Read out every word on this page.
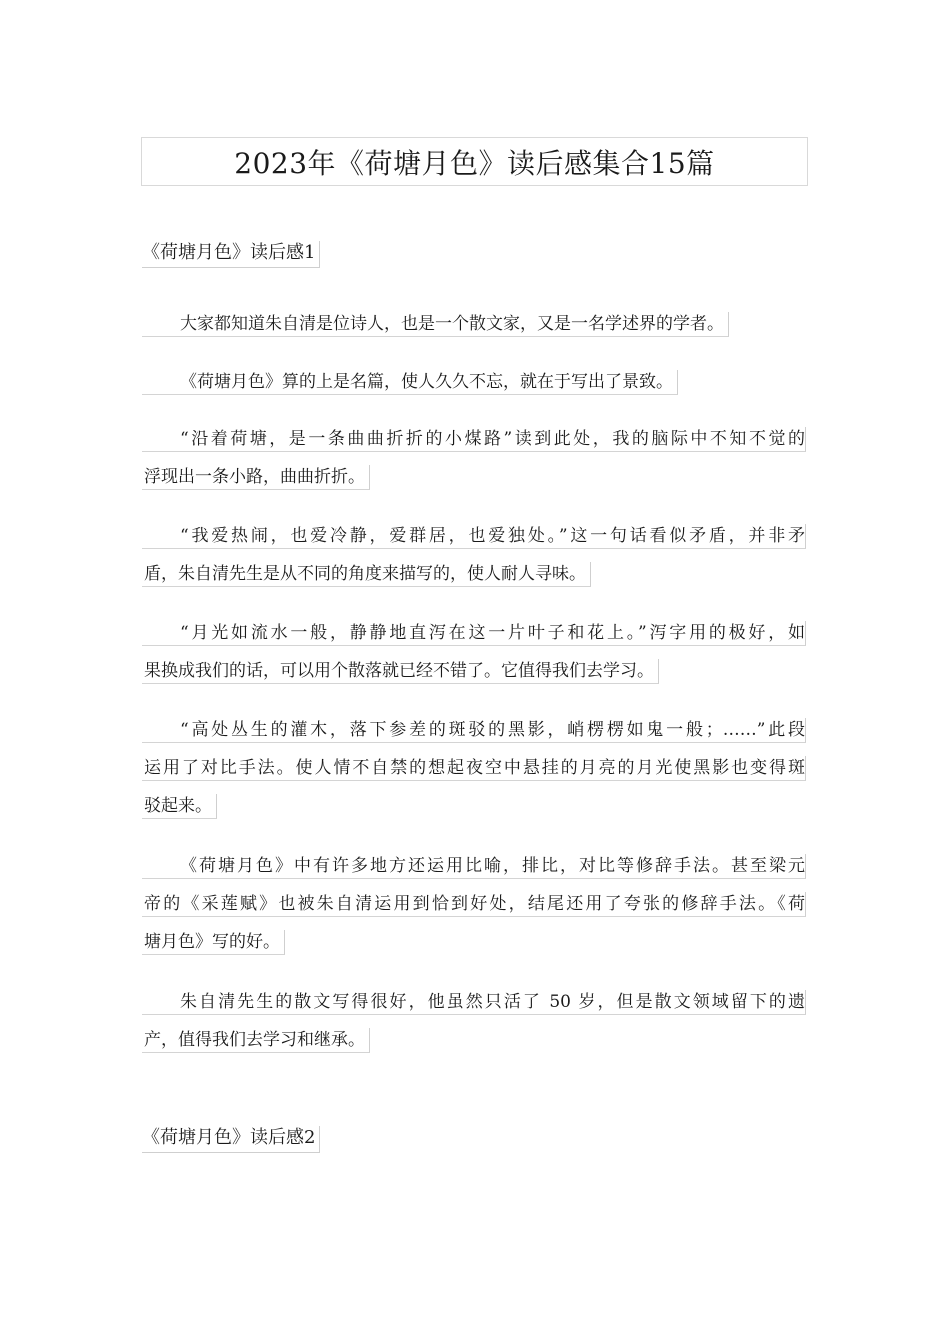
2023年《荷塘月色》读后感集合15篇
《荷塘月色》读后感1
大家都知道朱自清是位诗人，也是一个散文家，又是一名学述界的学者。
《荷塘月色》算的上是名篇，使人久久不忘，就在于写出了景致。
“沿着荷塘，是一条曲曲折折的小煤路”读到此处，我的脑际中不知不觉的
浮现出一条小路，曲曲折折。
“我爱热闹，也爱冷静，爱群居，也爱独处。”这一句话看似矛盾，并非矛
盾，朱自清先生是从不同的角度来描写的，使人耐人寻味。
“月光如流水一般，静静地直泻在这一片叶子和花上。”泻字用的极好，如
果换成我们的话，可以用个散落就已经不错了。它值得我们去学习。
“高处丛生的灌木，落下参差的斑驳的黑影，峭楞楞如鬼一般；……”此段
运用了对比手法。使人情不自禁的想起夜空中悬挂的月亮的月光使黑影也变得斑
驳起来。
《荷塘月色》中有许多地方还运用比喻，排比，对比等修辞手法。甚至梁元
帝的《采莲赋》也被朱自清运用到恰到好处，结尾还用了夸张的修辞手法。《荷
塘月色》写的好。
朱自清先生的散文写得很好，他虽然只活了 50 岁，但是散文领域留下的遗
产，值得我们去学习和继承。
《荷塘月色》读后感2
